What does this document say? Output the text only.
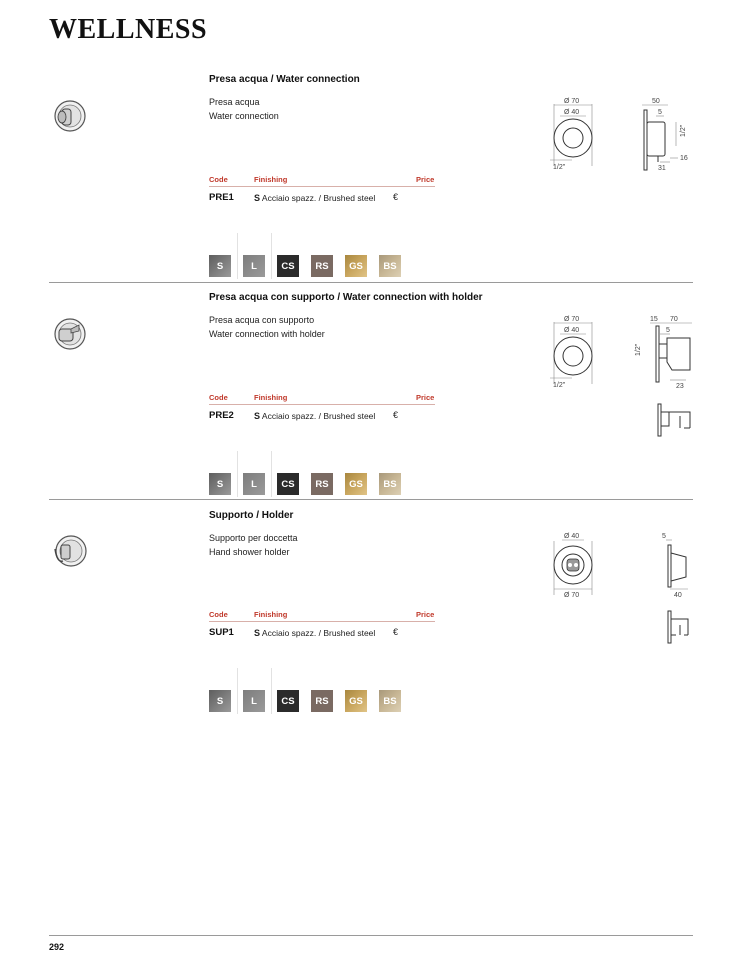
WELLNESS
Presa acqua / Water connection
Presa acqua
Water connection
Code	Finishing	Price
PRE1 S Acciaio spazz. / Brushed steel €
S	L	CS	RS	GS	BS
Ø 70
Ø 40
1/2"
50
5
1/2"
16
31
Presa acqua con supporto / Water connection with holder
Presa acqua con supporto
Water connection with holder
Code	Finishing	Price
PRE2 S Acciaio spazz. / Brushed steel €
S	L	CS	RS	GS	BS
Ø 70
Ø 40
1/2"
15 70
5
1/2"
23
Supporto / Holder
Supporto per doccetta
Hand shower holder
Code	Finishing	Price
SUP1 S Acciaio spazz. / Brushed steel €
S	L	CS	RS	GS	BS
Ø 40
Ø 70
5
40
292
